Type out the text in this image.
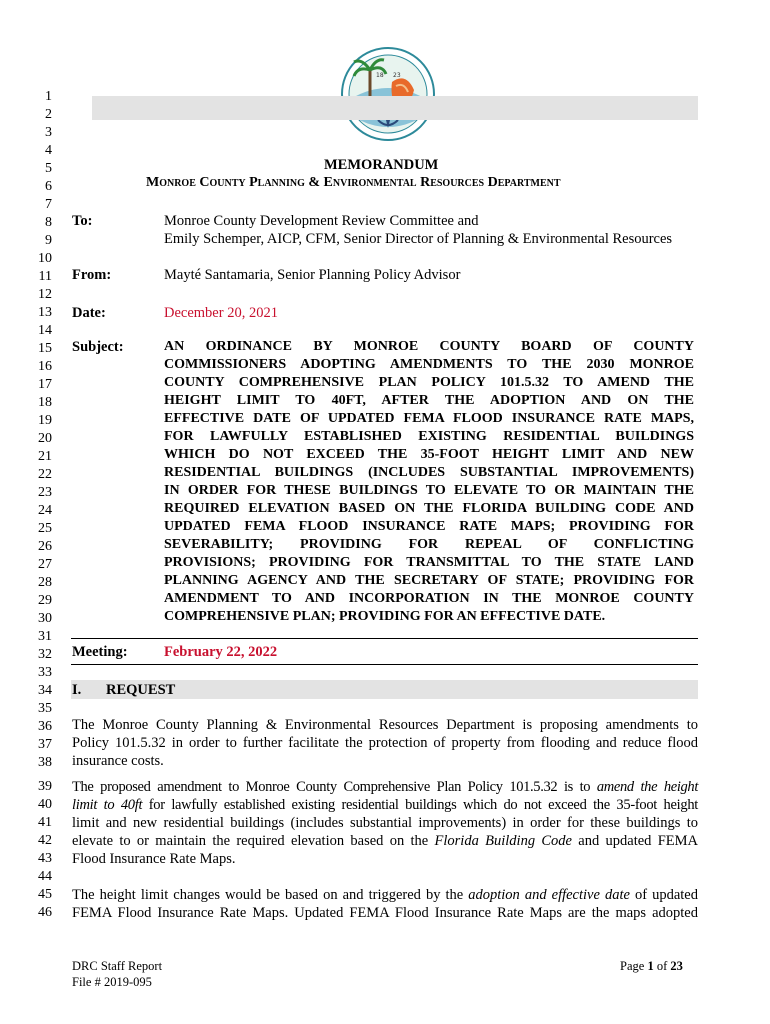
18 23
1
2
3
4
5
6
7
8
9
10
11
12
13
14
15
16
17
18
19
20
21
22
23
24
25
26
27
28
29
30
31
32
33
34
35
36
37
38
39
40
41
42
43
44
45
46
MEMORANDUM
Monroe County Planning & Environmental Resources Department
To:	Monroe County Development Review Committee and
Emily Schemper, AICP, CFM, Senior Director of Planning & Environmental Resources
From:	Mayté Santamaria, Senior Planning Policy Advisor
Date:	December 20, 2021
Subject:	AN ORDINANCE BY MONROE COUNTY BOARD OF COUNTY
COMMISSIONERS ADOPTING AMENDMENTS TO THE 2030 MONROE
COUNTY COMPREHENSIVE PLAN POLICY 101.5.32 TO AMEND THE
HEIGHT LIMIT TO 40FT, AFTER THE ADOPTION AND ON THE
EFFECTIVE DATE OF UPDATED FEMA FLOOD INSURANCE RATE MAPS,
FOR LAWFULLY ESTABLISHED EXISTING RESIDENTIAL BUILDINGS
WHICH DO NOT EXCEED THE 35-FOOT HEIGHT LIMIT AND NEW
RESIDENTIAL BUILDINGS (INCLUDES SUBSTANTIAL IMPROVEMENTS)
IN ORDER FOR THESE BUILDINGS TO ELEVATE TO OR MAINTAIN THE
REQUIRED ELEVATION BASED ON THE FLORIDA BUILDING CODE AND
UPDATED FEMA FLOOD INSURANCE RATE MAPS; PROVIDING FOR
SEVERABILITY; PROVIDING FOR REPEAL OF CONFLICTING
PROVISIONS; PROVIDING FOR TRANSMITTAL TO THE STATE LAND
PLANNING AGENCY AND THE SECRETARY OF STATE; PROVIDING FOR
AMENDMENT TO AND INCORPORATION IN THE MONROE COUNTY
COMPREHENSIVE PLAN; PROVIDING FOR AN EFFECTIVE DATE.
Meeting:	February 22, 2022
I. REQUEST
The Monroe County Planning & Environmental Resources Department is proposing amendments to
Policy 101.5.32 in order to further facilitate the protection of property from flooding and reduce flood
insurance costs.
The proposed amendment to Monroe County Comprehensive Plan Policy 101.5.32 is to amend the height
limit to 40ft for lawfully established existing residential buildings which do not exceed the 35-foot height
limit and new residential buildings (includes substantial improvements) in order for these buildings to
elevate to or maintain the required elevation based on the Florida Building Code and updated FEMA
Flood Insurance Rate Maps.
The height limit changes would be based on and triggered by the adoption and effective date of updated
FEMA Flood Insurance Rate Maps. Updated FEMA Flood Insurance Rate Maps are the maps adopted
DRC Staff Report
File # 2019-095
Page 1 of 23
